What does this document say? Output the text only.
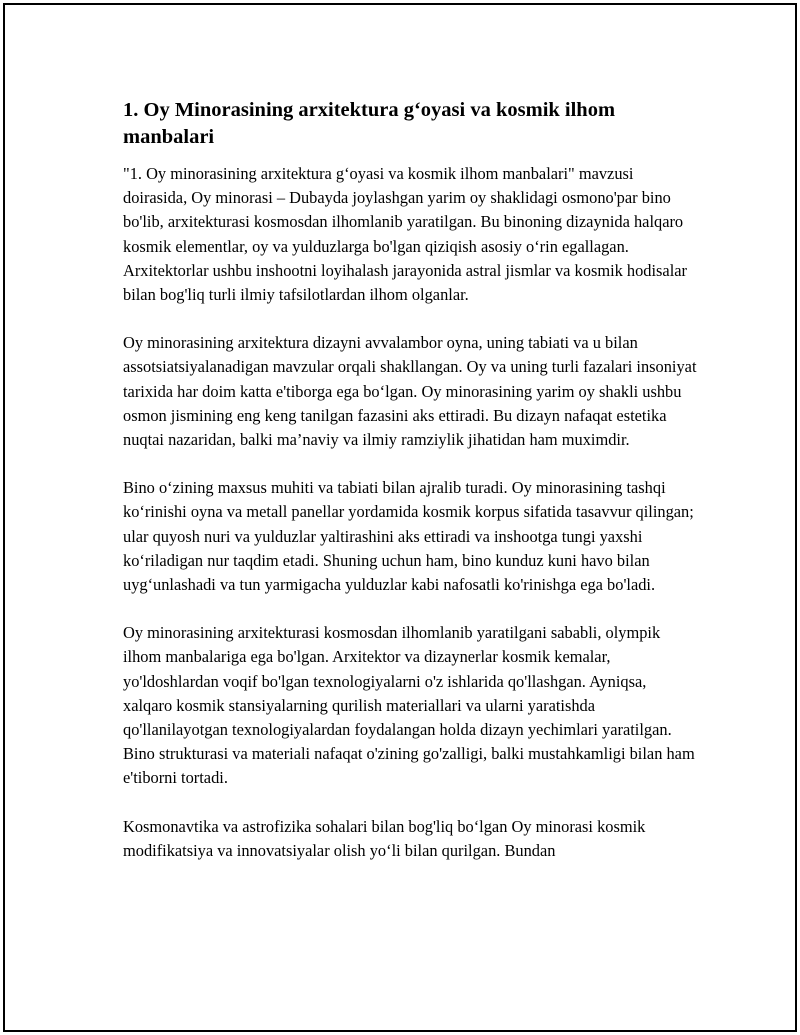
1. Oy Minorasining arxitektura g‘oyasi va kosmik ilhom manbalari

"1. Oy minorasining arxitektura g‘oyasi va kosmik ilhom manbalari" mavzusi doirasida, Oy minorasi – Dubayda joylashgan yarim oy shaklidagi osmono'par bino bo'lib, arxitekturasi kosmosdan ilhomlanib yaratilgan. Bu binoning dizaynida halqaro kosmik elementlar, oy va yulduzlarga bo'lgan qiziqish asosiy o‘rin egallagan. Arxitektorlar ushbu inshootni loyihalash jarayonida astral jismlar va kosmik hodisalar bilan bog'liq turli ilmiy tafsilotlardan ilhom olganlar.

Oy minorasining arxitektura dizayni avvalambor oyna, uning tabiati va u bilan assotsiatsiyalanadigan mavzular orqali shakllangan. Oy va uning turli fazalari insoniyat tarixida har doim katta e'tiborga ega bo‘lgan. Oy minorasining yarim oy shakli ushbu osmon jismining eng keng tanilgan fazasini aks ettiradi. Bu dizayn nafaqat estetika nuqtai nazaridan, balki ma’naviy va ilmiy ramziylik jihatidan ham muximdir.

Bino o‘zining maxsus muhiti va tabiati bilan ajralib turadi. Oy minorasining tashqi ko‘rinishi oyna va metall panellar yordamida kosmik korpus sifatida tasavvur qilingan; ular quyosh nuri va yulduzlar yaltirashini aks ettiradi va inshootga tungi yaxshi ko‘riladigan nur taqdim etadi. Shuning uchun ham, bino kunduz kuni havo bilan uyg‘unlashadi va tun yarmigacha yulduzlar kabi nafosatli ko'rinishga ega bo'ladi.

Oy minorasining arxitekturasi kosmosdan ilhomlanib yaratilgani sababli, olympik ilhom manbalariga ega bo'lgan. Arxitektor va dizaynerlar kosmik kemalar, yo'ldoshlardan voqif bo'lgan texnologiyalarni o'z ishlarida qo'llashgan. Ayniqsa, xalqaro kosmik stansiyalarning qurilish materiallari va ularni yaratishda qo'llanilayotgan texnologiyalardan foydalangan holda dizayn yechimlari yaratilgan. Bino strukturasi va materiali nafaqat o'zining go'zalligi, balki mustahkamligi bilan ham e'tiborni tortadi.

Kosmonavtika va astrofizika sohalari bilan bog'liq bo‘lgan Oy minorasi kosmik modifikatsiya va innovatsiyalar olish yo‘li bilan qurilgan. Bundan
